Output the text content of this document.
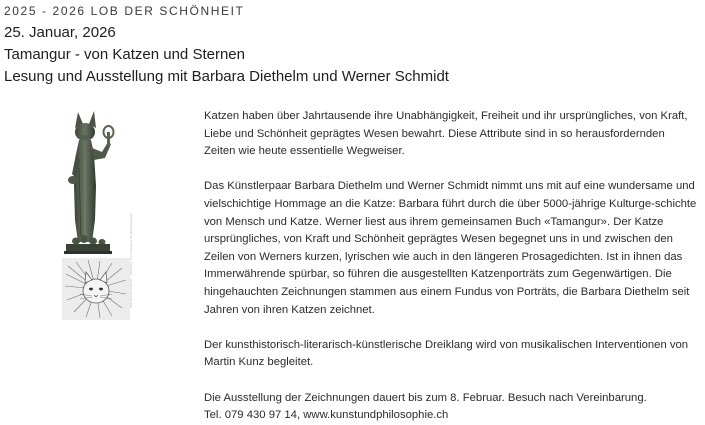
2025 - 2026 LOB DER SCHÖNHEIT
25. Januar, 2026
Tamangur - von Katzen und Sternen
Lesung und Ausstellung mit Barbara Diethelm und Werner Schmidt
Bild: Barbara Diethelm · Abbildung: The Trustees of the British Museum

Katzen haben über Jahrtausende ihre Unabhängigkeit, Freiheit und ihr ursprüngliches, von Kraft, Liebe und Schönheit geprägtes Wesen bewahrt. Diese Attribute sind in so herausfordernden Zeiten wie heute essentielle Wegweiser.

Das Künstlerpaar Barbara Diethelm und Werner Schmidt nimmt uns mit auf eine wundersame und vielschichtige Hommage an die Katze: Barbara führt durch die über 5000-jährige Kulturge-schichte von Mensch und Katze. Werner liest aus ihrem gemeinsamen Buch «Tamangur». Der Katze ursprüngliches, von Kraft und Schönheit geprägtes Wesen begegnet uns in und zwischen den Zeilen von Werners kurzen, lyrischen wie auch in den längeren Prosagedichten. Ist in ihnen das Immerwährende spürbar, so führen die ausgestellten Katzenporträts zum Gegenwärtigen. Die hingehauchten Zeichnungen stammen aus einem Fundus von Porträts, die Barbara Diethelm seit Jahren von ihren Katzen zeichnet.

Der kunsthistorisch-literarisch-künstlerische Dreiklang wird von musikalischen Interventionen von Martin Kunz begleitet.

Die Ausstellung der Zeichnungen dauert bis zum 8. Februar. Besuch nach Vereinbarung.
Tel. 079 430 97 14, www.kunstundphilosophie.ch
